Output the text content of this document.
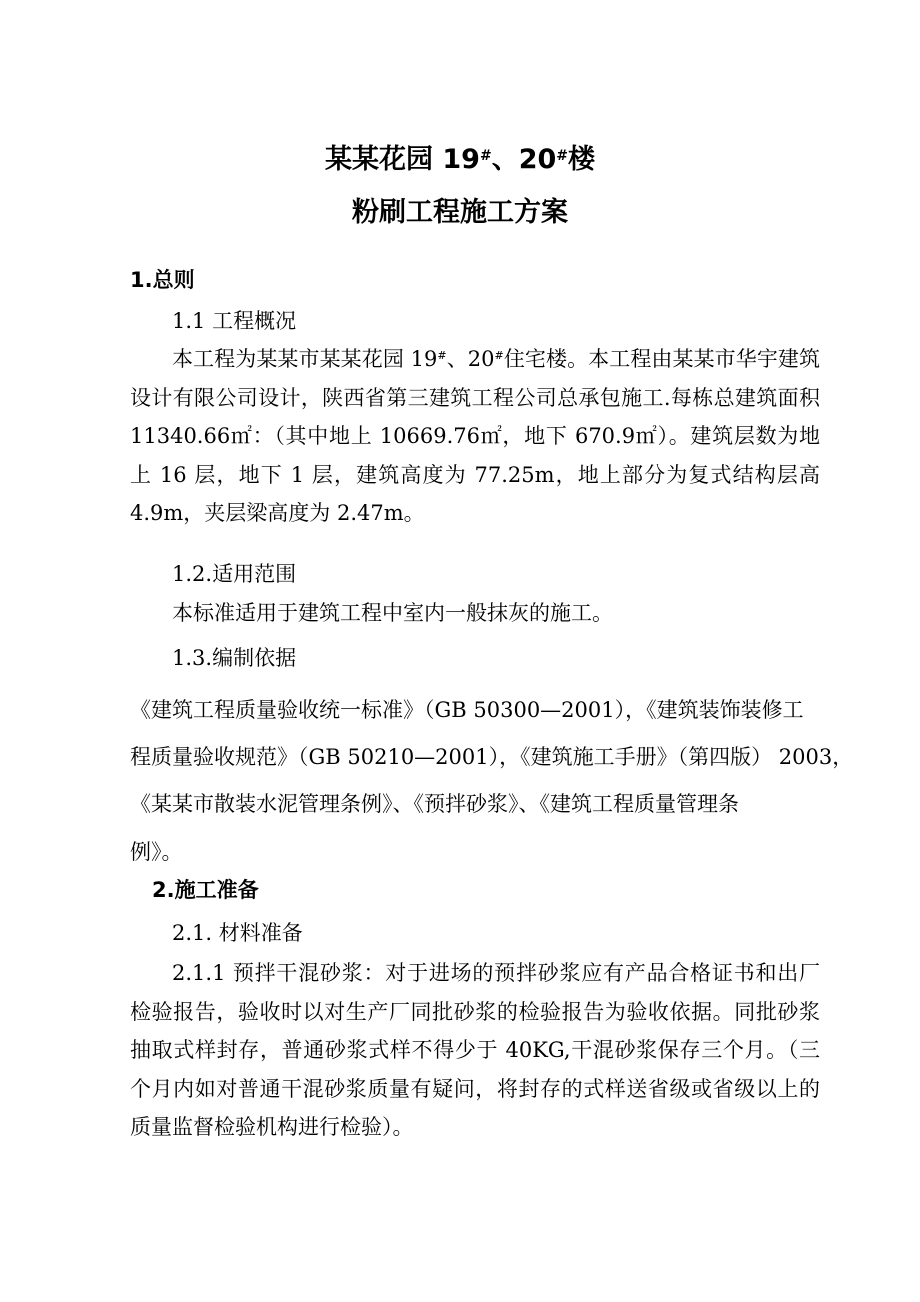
某某花园 19#、20#楼
粉刷工程施工方案
1.总则
1.1 工程概况
本工程为某某市某某花园 19#、20#住宅楼。本工程由某某市华宇建筑设计有限公司设计，陕西省第三建筑工程公司总承包施工.每栋总建筑面积 11340.66㎡：（其中地上 10669.76㎡，地下 670.9㎡）。建筑层数为地上 16 层，地下 1 层，建筑高度为 77.25m，地上部分为复式结构层高 4.9m，夹层梁高度为 2.47m。
1.2.适用范围
本标准适用于建筑工程中室内一般抹灰的施工。
1.3.编制依据
《建筑工程质量验收统一标准》（GB 50300—2001），《建筑装饰装修工
程质量验收规范》（GB 50210—2001），《建筑施工手册》（第四版） 2003，
《某某市散装水泥管理条例》、《预拌砂浆》、《建筑工程质量管理条
例》。
2.施工准备
2.1. 材料准备
2.1.1 预拌干混砂浆：对于进场的预拌砂浆应有产品合格证书和出厂检验报告，验收时以对生产厂同批砂浆的检验报告为验收依据。同批砂浆抽取式样封存，普通砂浆式样不得少于 40KG,干混砂浆保存三个月。（三个月内如对普通干混砂浆质量有疑问，将封存的式样送省级或省级以上的质量监督检验机构进行检验）。
